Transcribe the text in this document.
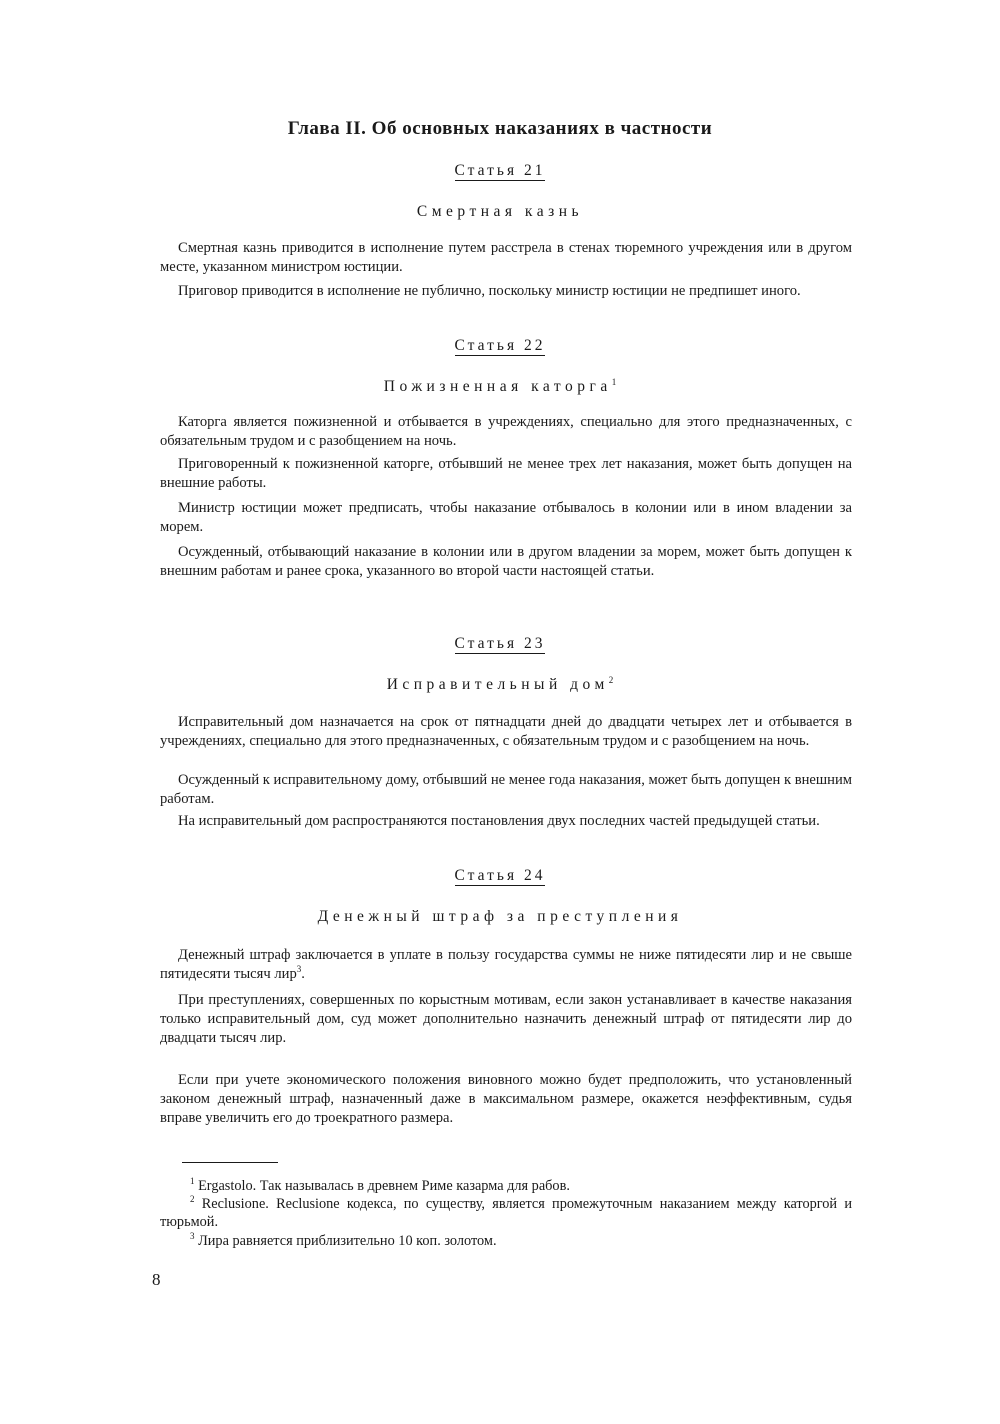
Глава II. Об основных наказаниях в частности

Статья 21

Смертная казнь

Смертная казнь приводится в исполнение путем расстрела в стенах тюремного учреждения или в другом месте, указанном министром юстиции.

Приговор приводится в исполнение не публично, поскольку министр юстиции не предпишет иного.

Статья 22

Пожизненная каторга$^1$

Каторга является пожизненной и отбывается в учреждениях, специально для этого предназначенных, с обязательным трудом и с разобщением на ночь.

Приговоренный к пожизненной каторге, отбывший не менее трех лет наказания, может быть допущен на внешние работы.

Министр юстиции может предписать, чтобы наказание отбывалось в колонии или в ином владении за морем.

Осужденный, отбывающий наказание в колонии или в другом владении за морем, может быть допущен к внешним работам и ранее срока, указанного во второй части настоящей статьи.

Статья 23

Исправительный дом$^2$

Исправительный дом назначается на срок от пятнадцати дней до двадцати четырех лет и отбывается в учреждениях, специально для этого предназначенных, с обязательным трудом и с разобщением на ночь.

Осужденный к исправительному дому, отбывший не менее года наказания, может быть допущен к внешним работам.

На исправительный дом распространяются постановления двух последних частей предыдущей статьи.

Статья 24

Денежный штраф за преступления

Денежный штраф заключается в уплате в пользу государства суммы не ниже пятидесяти лир и не свыше пятидесяти тысяч лир$^3$.

При преступлениях, совершенных по корыстным мотивам, если закон устанавливает в качестве наказания только исправительный дом, суд может дополнительно назначить денежный штраф от пятидесяти лир до двадцати тысяч лир.

Если при учете экономического положения виновного можно будет предположить, что установленный законом денежный штраф, назначенный даже в максимальном размере, окажется неэффективным, судья вправе увеличить его до троекратного размера.

$^1$ Ergastolo. Так называлась в древнем Риме казарма для рабов.

$^2$ Reclusione. Reclusione кодекса, по существу, является промежуточным наказанием между каторгой и тюрьмой.

$^3$ Лира равняется приблизительно 10 коп. золотом.

8
